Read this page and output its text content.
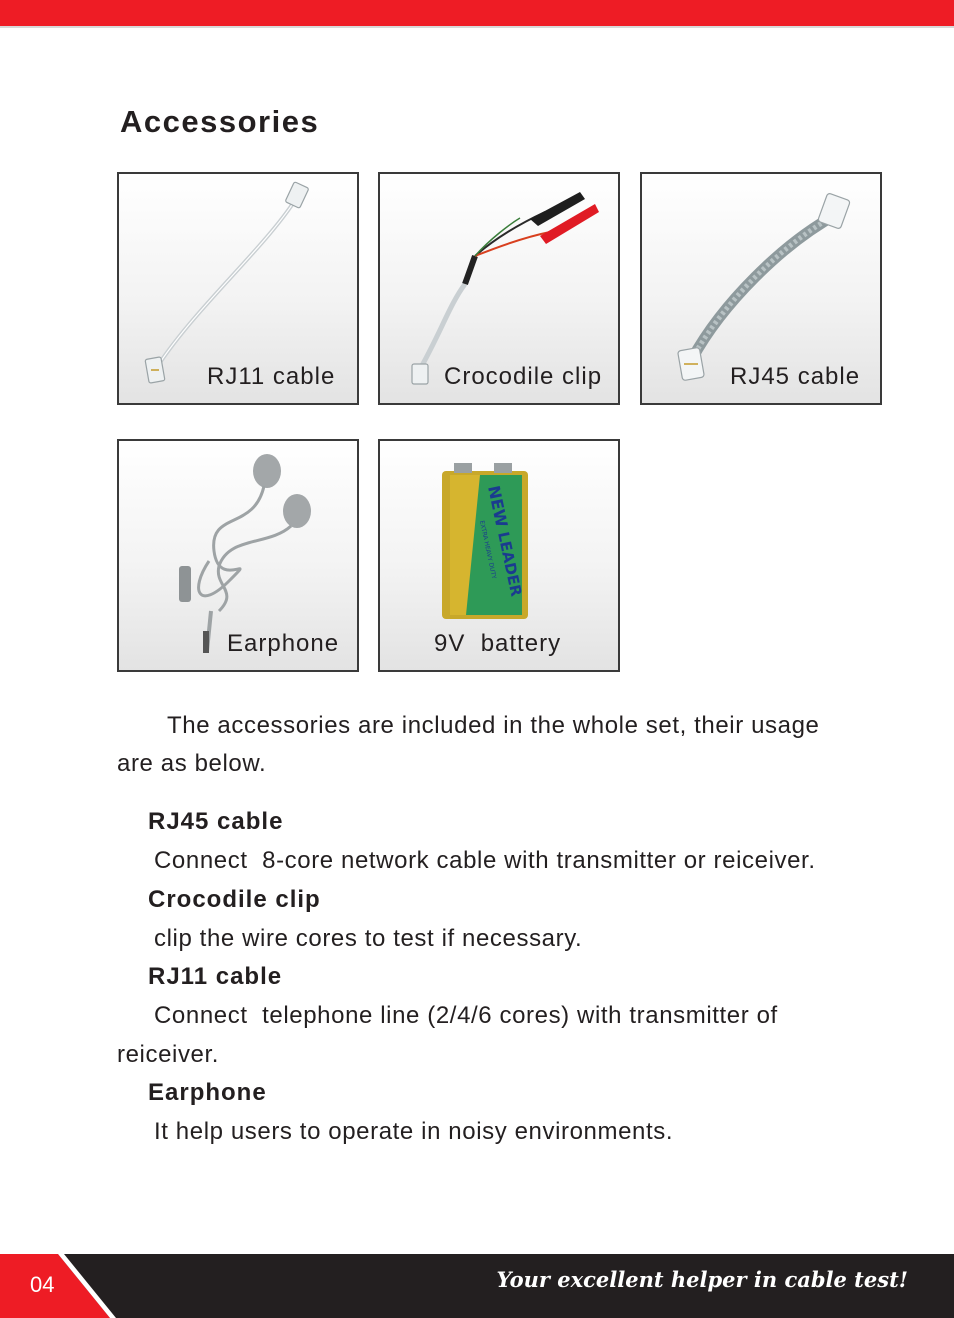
Accessories
RJ11 cable	Crocodile clip	RJ45 cable
Earphone
NEW
LEADER
EXTRA HEAVY DUTY
9V  battery

The accessories are included in the whole set, their usage

are as below.

RJ45 cable

Connect  8-core network cable with transmitter or reiceiver.

Crocodile clip

clip the wire cores to test if necessary.

RJ11 cable

Connect  telephone line (2/4/6 cores) with transmitter of

reiceiver.

Earphone

It help users to operate in noisy environments.

04	Your excellent helper in cable test!
